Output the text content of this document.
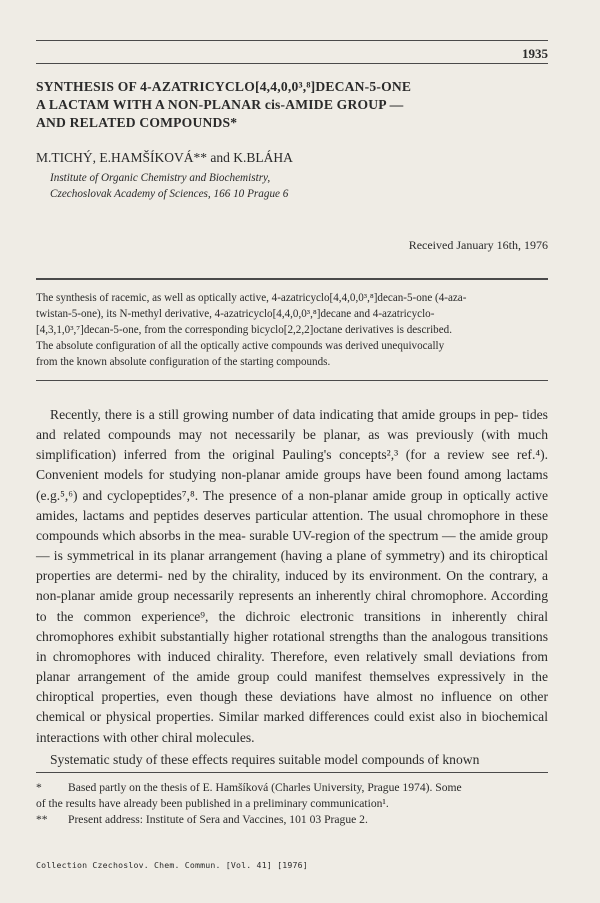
1935
SYNTHESIS OF 4-AZATRICYCLO[4,4,0,0³,⁸]DECAN-5-ONE
A LACTAM WITH A NON-PLANAR cis-AMIDE GROUP —
AND RELATED COMPOUNDS*
M.TICHÝ, E.HAMŠÍKOVÁ** and K.BLÁHA
Institute of Organic Chemistry and Biochemistry,
Czechoslovak Academy of Sciences, 166 10 Prague 6
Received January 16th, 1976
The synthesis of racemic, as well as optically active, 4-azatricyclo[4,4,0,0³,⁸]decan-5-one (4-aza-
twistan-5-one), its N-methyl derivative, 4-azatricyclo[4,4,0,0³,⁸]decane and 4-azatricyclo-
[4,3,1,0³,⁷]decan-5-one, from the corresponding bicyclo[2,2,2]octane derivatives is described.
The absolute configuration of all the optically active compounds was derived unequivocally
from the known absolute configuration of the starting compounds.

Recently, there is a still growing number of data indicating that amide groups in pep- tides and related compounds may not necessarily be planar, as was previously (with much simplification) inferred from the original Pauling's concepts²,³ (for a review see ref.⁴). Convenient models for studying non-planar amide groups have been found among lactams (e.g.⁵,⁶) and cyclopeptides⁷,⁸. The presence of a non-planar amide group in optically active amides, lactams and peptides deserves particular attention. The usual chromophore in these compounds which absorbs in the mea- surable UV-region of the spectrum — the amide group — is symmetrical in its planar arrangement (having a plane of symmetry) and its chiroptical properties are determi- ned by the chirality, induced by its environment. On the contrary, a non-planar amide group necessarily represents an inherently chiral chromophore. According to the common experience⁹, the dichroic electronic transitions in inherently chiral chromophores exhibit substantially higher rotational strengths than the analogous transitions in chromophores with induced chirality. Therefore, even relatively small deviations from planar arrangement of the amide group could manifest themselves expressively in the chiroptical properties, even though these deviations have almost no influence on other chemical or physical properties. Similar marked differences could exist also in biochemical interactions with other chiral molecules.

Systematic study of these effects requires suitable model compounds of known

* Based partly on the thesis of E. Hamšíková (Charles University, Prague 1974). Some
of the results have already been published in a preliminary communication¹.
** Present address: Institute of Sera and Vaccines, 101 03 Prague 2.
Collection Czechoslov. Chem. Commun. [Vol. 41] [1976]
